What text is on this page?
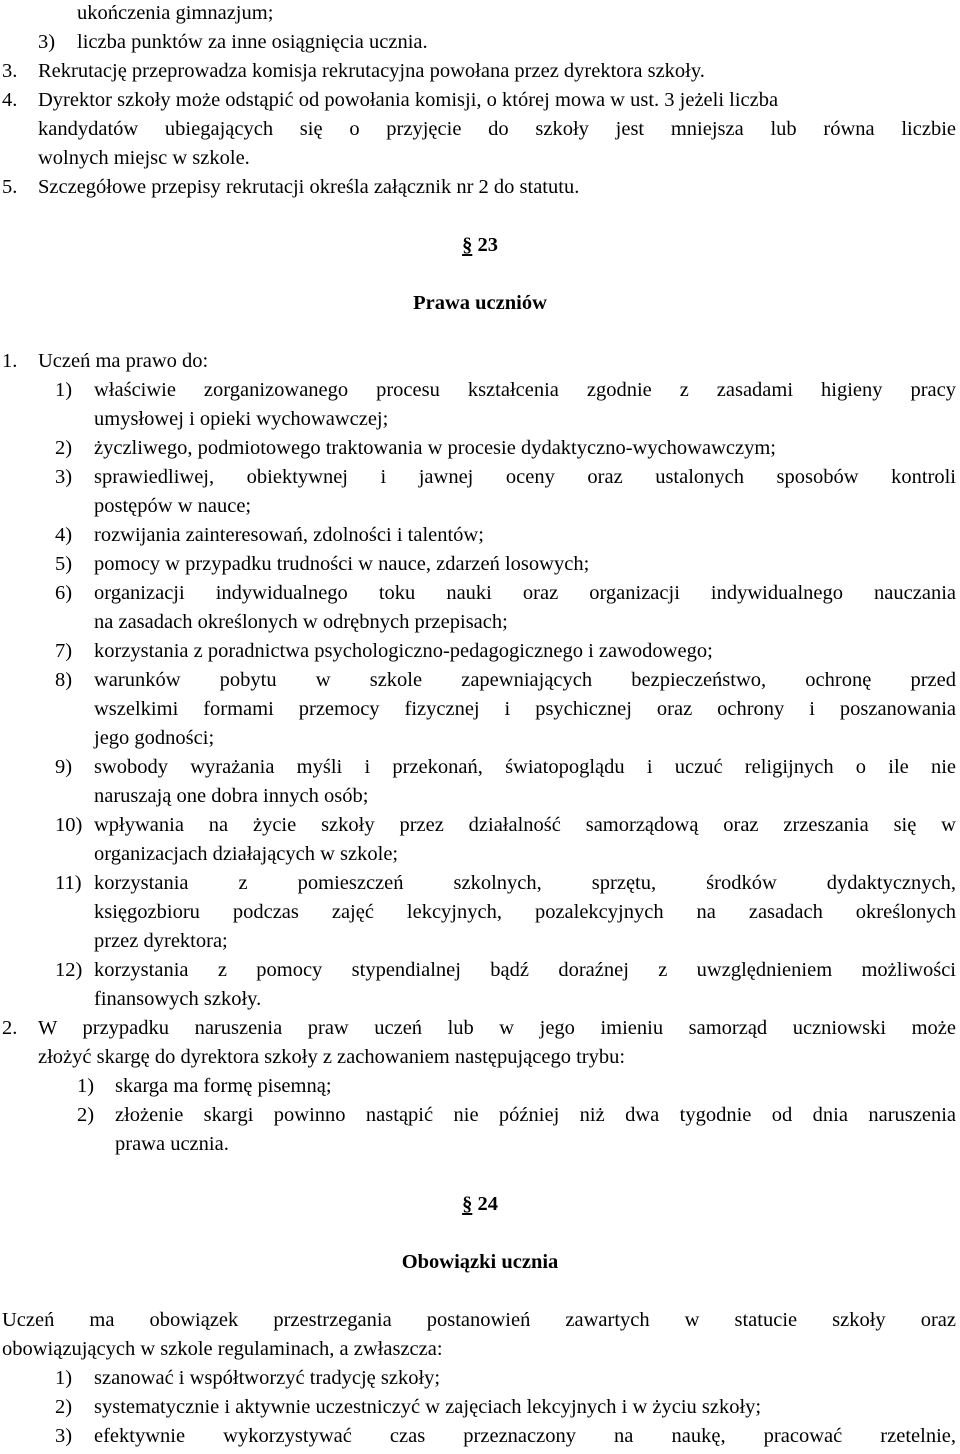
ukończenia gimnazjum;
3) liczba punktów za inne osiągnięcia ucznia.
3. Rekrutację przeprowadza komisja rekrutacyjna powołana przez dyrektora szkoły.
4. Dyrektor szkoły może odstąpić od powołania komisji, o której mowa w ust. 3 jeżeli liczba
kandydatów ubiegających się o przyjęcie do szkoły jest mniejsza lub równa liczbie
wolnych miejsc w szkole.
5. Szczegółowe przepisy rekrutacji określa załącznik nr 2 do statutu.
§ 23
Prawa uczniów
1. Uczeń ma prawo do:
1) właściwie zorganizowanego procesu kształcenia zgodnie z zasadami higieny pracy
umysłowej i opieki wychowawczej;
2) życzliwego, podmiotowego traktowania w procesie dydaktyczno-wychowawczym;
3) sprawiedliwej, obiektywnej i jawnej oceny oraz ustalonych sposobów kontroli
postępów w nauce;
4) rozwijania zainteresowań, zdolności i talentów;
5) pomocy w przypadku trudności w nauce, zdarzeń losowych;
6) organizacji indywidualnego toku nauki oraz organizacji indywidualnego nauczania
na zasadach określonych w odrębnych przepisach;
7) korzystania z poradnictwa psychologiczno-pedagogicznego i zawodowego;
8) warunków pobytu w szkole zapewniających bezpieczeństwo, ochronę przed
wszelkimi formami przemocy fizycznej i psychicznej oraz ochrony i poszanowania
jego godności;
9) swobody wyrażania myśli i przekonań, światopoglądu i uczuć religijnych o ile nie
naruszają one dobra innych osób;
10) wpływania na życie szkoły przez działalność samorządową oraz zrzeszania się w
organizacjach działających w szkole;
11) korzystania z pomieszczeń szkolnych, sprzętu, środków dydaktycznych,
księgozbioru podczas zajęć lekcyjnych, pozalekcyjnych na zasadach określonych
przez dyrektora;
12) korzystania z pomocy stypendialnej bądź doraźnej z uwzględnieniem możliwości
finansowych szkoły.
2. W przypadku naruszenia praw uczeń lub w jego imieniu samorząd uczniowski może
złożyć skargę do dyrektora szkoły z zachowaniem następującego trybu:
1) skarga ma formę pisemną;
2) złożenie skargi powinno nastąpić nie później niż dwa tygodnie od dnia naruszenia
prawa ucznia.
§ 24
Obowiązki ucznia
Uczeń ma obowiązek przestrzegania postanowień zawartych w statucie szkoły oraz
obowiązujących w szkole regulaminach, a zwłaszcza:
1) szanować i współtworzyć tradycję szkoły;
2) systematycznie i aktywnie uczestniczyć w zajęciach lekcyjnych i w życiu szkoły;
3) efektywnie wykorzystywać czas przeznaczony na naukę, pracować rzetelnie,
